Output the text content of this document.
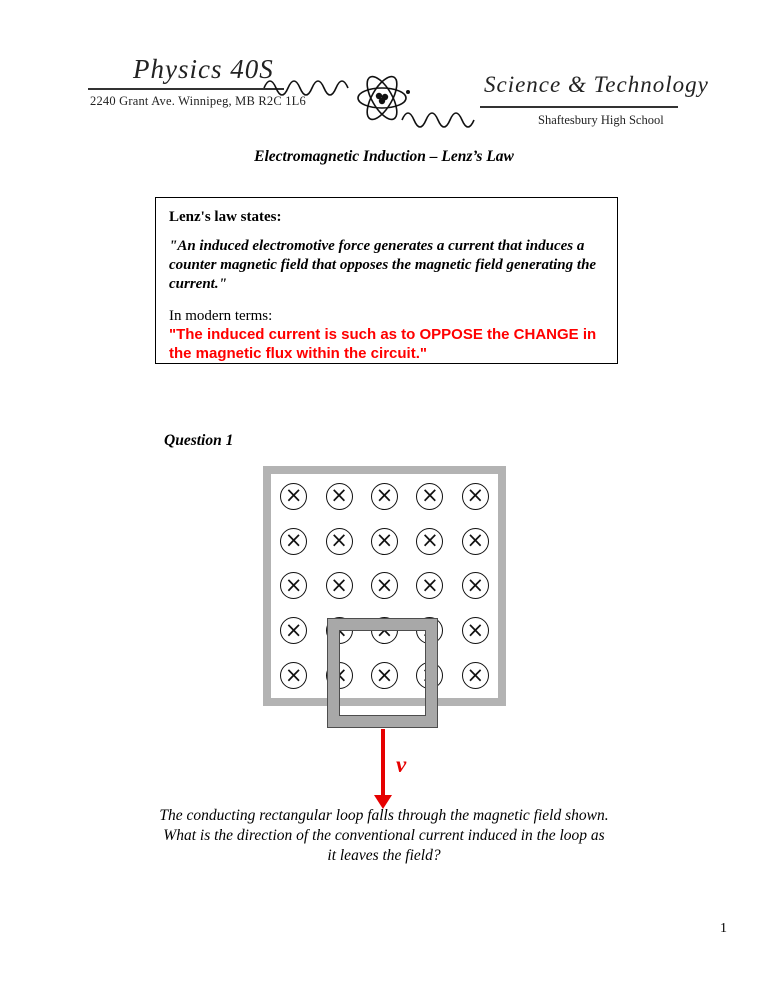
Physics 40S
2240 Grant Ave. Winnipeg, MB R2C 1L6
Science & Technology
Shaftesbury High School
Electromagnetic Induction – Lenz’s Law
Lenz's law states:
"An induced electromotive force generates a current that induces a counter magnetic field that opposes the magnetic field generating the current."
In modern terms:
"The induced current is such as to OPPOSE the CHANGE in the magnetic flux within the circuit."
Question 1
× × × × ×
× × × × ×
× × × × ×
× × × × ×
× × × × ×
v
The conducting rectangular loop falls through the magnetic field shown.
What is the direction of the conventional current induced in the loop as
it leaves the field?
1
